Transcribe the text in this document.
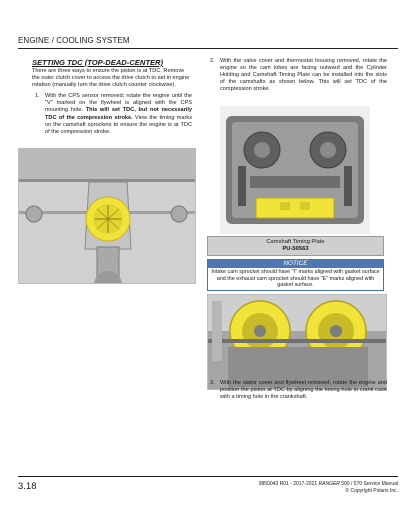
ENGINE / COOLING SYSTEM
SETTING TDC (TOP-DEAD-CENTER)
There are three ways to ensure the piston is at TDC. Remove the outer clutch cover to access the drive clutch to aid in engine rotation (manually turn the drive clutch counter clockwise).
1. With the CPS sensor removed; rotate the engine until the "V" marked on the flywheel is aligned with the CPS mounting hole. This will set TDC, but not necessarily TDC of the compression stroke. View the timing marks on the camshaft sprockets to ensure the engine is at TDC of the compression stroke.
2. With the valve cover and thermostat housing removed, rotate the engine so the cam lobes are facing outward and the Cylinder Holding and Camshaft Timing Plate can be installed into the slots of the camshafts as shown below. This will set TDC of the compression stroke.
Camshaft Timing Plate
PU-50563
NOTICE
Intake cam sprocket should have "I" marks aligned with gasket surface and the exhaust cam sprocket should have "E" marks aligned with gasket surface.
3. With the stator cover and flywheel removed, rotate the engine and position the piston at TDC by aligning the timing hole in crank case with a timing hole in the crankshaft.
3.18	9850043 R01 - 2017-2021 RANGER 500 / 570 Service Manual
© Copyright Polaris Inc.
